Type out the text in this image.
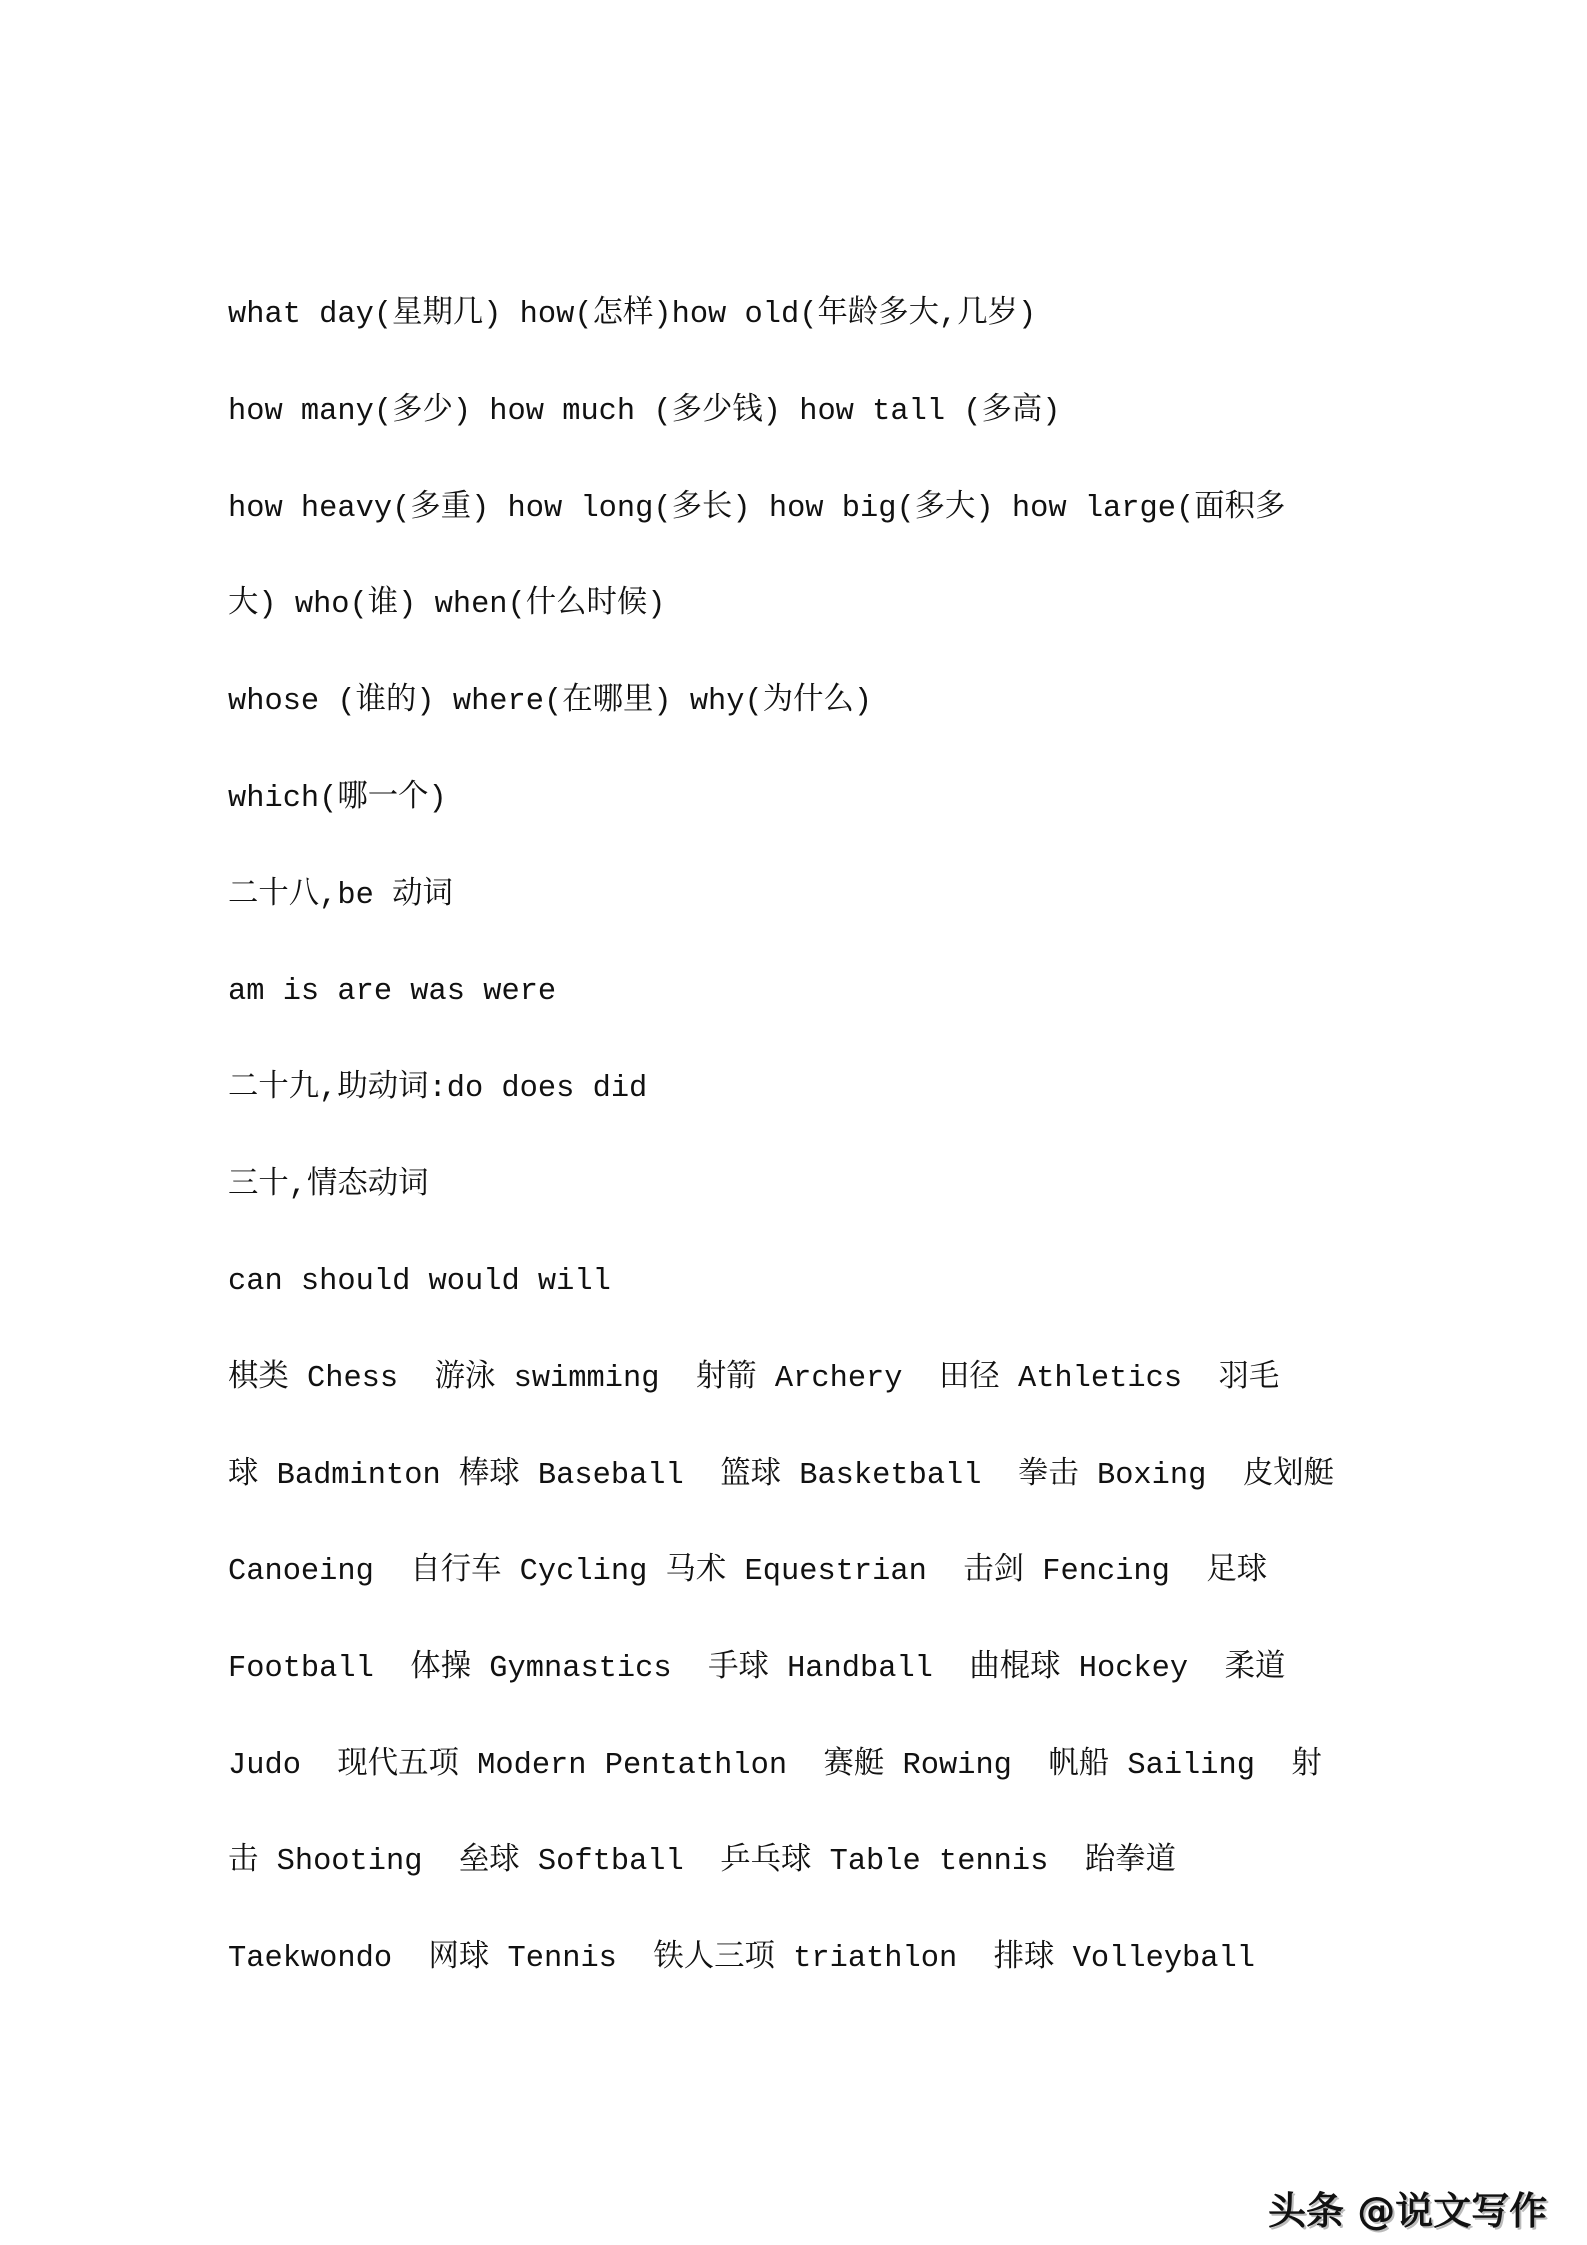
what day(星期几) how(怎样)how old(年龄多大,几岁)
how many(多少) how much (多少钱) how tall (多高)
how heavy(多重) how long(多长) how big(多大) how large(面积多
大) who(谁) when(什么时候)
whose (谁的) where(在哪里) why(为什么)
which(哪一个)
二十八,be 动词
am is are was were
二十九,助动词:do does did
三十,情态动词
can should would will
棋类 Chess  游泳 swimming  射箭 Archery  田径 Athletics  羽毛
球 Badminton 棒球 Baseball  篮球 Basketball  拳击 Boxing  皮划艇
Canoeing  自行车 Cycling 马术 Equestrian  击剑 Fencing  足球
Football  体操 Gymnastics  手球 Handball  曲棍球 Hockey  柔道
Judo  现代五项 Modern Pentathlon  赛艇 Rowing  帆船 Sailing  射
击 Shooting  垒球 Softball  乒乓球 Table tennis  跆拳道
Taekwondo  网球 Tennis  铁人三项 triathlon  排球 Volleyball
头条 @说文写作
